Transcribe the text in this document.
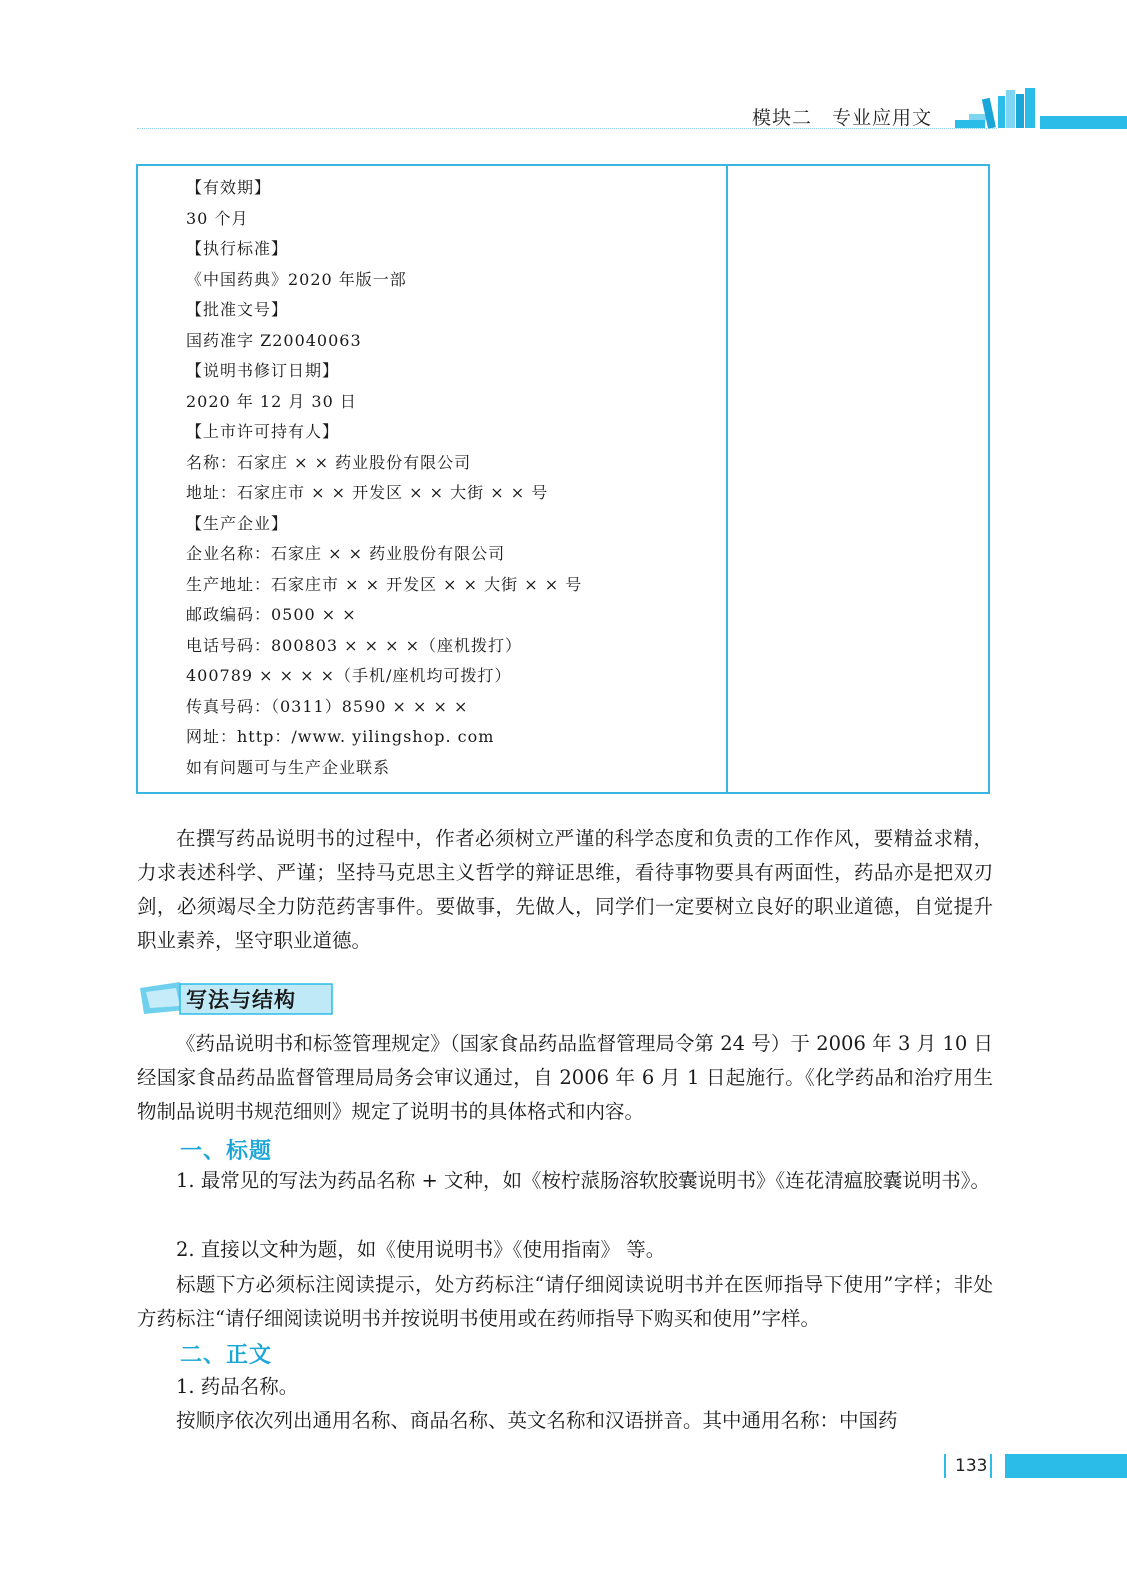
模块二　专业应用文
【有效期】
30 个月
【执行标准】
《中国药典》2020 年版一部
【批准文号】
国药准字 Z20040063
【说明书修订日期】
2020 年 12 月 30 日
【上市许可持有人】
名称：石家庄 × × 药业股份有限公司
地址：石家庄市 × × 开发区 × × 大街 × × 号
【生产企业】
企业名称：石家庄 × × 药业股份有限公司
生产地址：石家庄市 × × 开发区 × × 大街 × × 号
邮政编码：0500 × ×
电话号码：800803 × × × ×（座机拨打）
400789 × × × ×（手机/座机均可拨打）
传真号码：（0311）8590 × × × ×
网址：http：/www. yilingshop. com
如有问题可与生产企业联系

在撰写药品说明书的过程中，作者必须树立严谨的科学态度和负责的工作作风，要精益求精，力求表述科学、严谨；坚持马克思主义哲学的辩证思维，看待事物要具有两面性，药品亦是把双刃剑，必须竭尽全力防范药害事件。要做事，先做人，同学们一定要树立良好的职业道德，自觉提升职业素养，坚守职业道德。

写法与结构

《药品说明书和标签管理规定》（国家食品药品监督管理局令第 24 号）于 2006 年 3 月 10 日经国家食品药品监督管理局局务会审议通过，自 2006 年 6 月 1 日起施行。《化学药品和治疗用生物制品说明书规范细则》规定了说明书的具体格式和内容。

一、标题

1. 最常见的写法为药品名称 + 文种，如《桉柠蒎肠溶软胶囊说明书》《连花清瘟胶囊说明书》。

2. 直接以文种为题，如《使用说明书》《使用指南》 等。

标题下方必须标注阅读提示，处方药标注“请仔细阅读说明书并在医师指导下使用”字样；非处方药标注“请仔细阅读说明书并按说明书使用或在药师指导下购买和使用”字样。

二、正文

1. 药品名称。

按顺序依次列出通用名称、商品名称、英文名称和汉语拼音。其中通用名称：中国药

133
